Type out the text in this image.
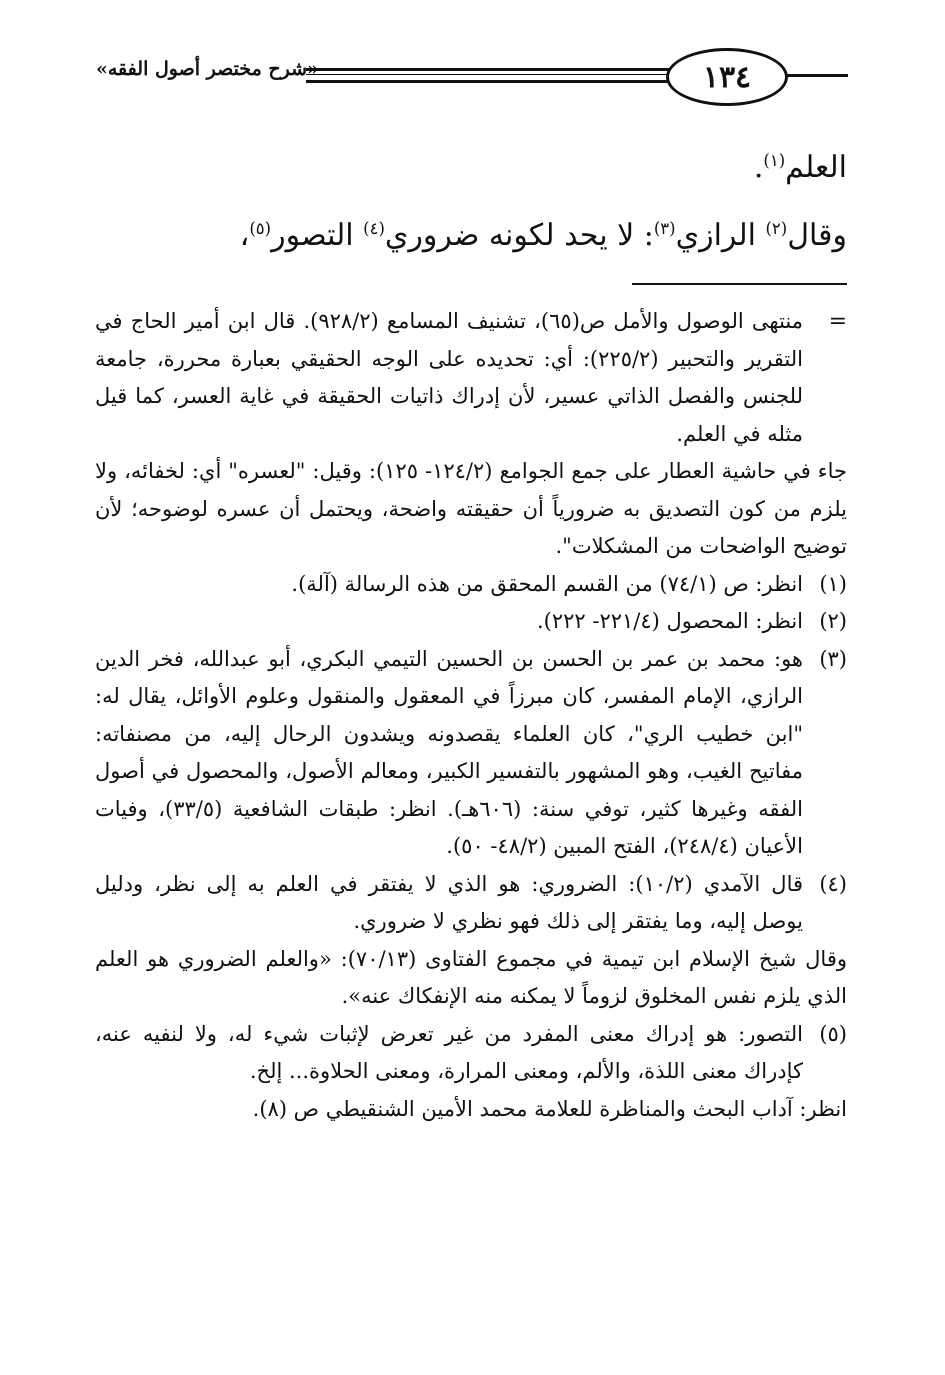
١٣٤
«شرح مختصر أصول الفقه»
العلم$^{(١)}$.
وقال$^{(٢)}$ الرازي$^{(٣)}$: لا يحد لكونه ضروري$^{(٤)}$ التصور$^{(٥)}$،
=
منتهى الوصول والأمل ص(٦٥)، تشنيف المسامع (٩٢٨/٢). قال ابن أمير الحاج في التقرير والتحبير (٢٢٥/٢): أي: تحديده على الوجه الحقيقي بعبارة محررة، جامعة للجنس والفصل الذاتي عسير، لأن إدراك ذاتيات الحقيقة في غاية العسر، كما قيل مثله في العلم.
جاء في حاشية العطار على جمع الجوامع (١٢٤/٢- ١٢٥): وقيل: "لعسره" أي: لخفائه، ولا يلزم من كون التصديق به ضرورياً أن حقيقته واضحة، ويحتمل أن عسره لوضوحه؛ لأن توضيح الواضحات من المشكلات".
(١)
انظر: ص (٧٤/١) من القسم المحقق من هذه الرسالة (آلة).
(٢)
انظر: المحصول (٢٢١/٤- ٢٢٢).
(٣)
هو: محمد بن عمر بن الحسن بن الحسين التيمي البكري، أبو عبدالله، فخر الدين الرازي، الإمام المفسر، كان مبرزاً في المعقول والمنقول وعلوم الأوائل، يقال له: "ابن خطيب الري"، كان العلماء يقصدونه ويشدون الرحال إليه، من مصنفاته: مفاتيح الغيب، وهو المشهور بالتفسير الكبير، ومعالم الأصول، والمحصول في أصول الفقه وغيرها كثير، توفي سنة: (٦٠٦هـ). انظر: طبقات الشافعية (٣٣/٥)، وفيات الأعيان (٢٤٨/٤)، الفتح المبين (٤٨/٢- ٥٠).
(٤)
قال الآمدي (١٠/٢): الضروري: هو الذي لا يفتقر في العلم به إلى نظر، ودليل يوصل إليه، وما يفتقر إلى ذلك فهو نظري لا ضروري.
وقال شيخ الإسلام ابن تيمية في مجموع الفتاوى (٧٠/١٣): «والعلم الضروري هو العلم الذي يلزم نفس المخلوق لزوماً لا يمكنه منه الإنفكاك عنه».
(٥)
التصور: هو إدراك معنى المفرد من غير تعرض لإثبات شيء له، ولا لنفيه عنه، كإدراك معنى اللذة، والألم، ومعنى المرارة، ومعنى الحلاوة... إلخ.
انظر: آداب البحث والمناظرة للعلامة محمد الأمين الشنقيطي ص (٨).
